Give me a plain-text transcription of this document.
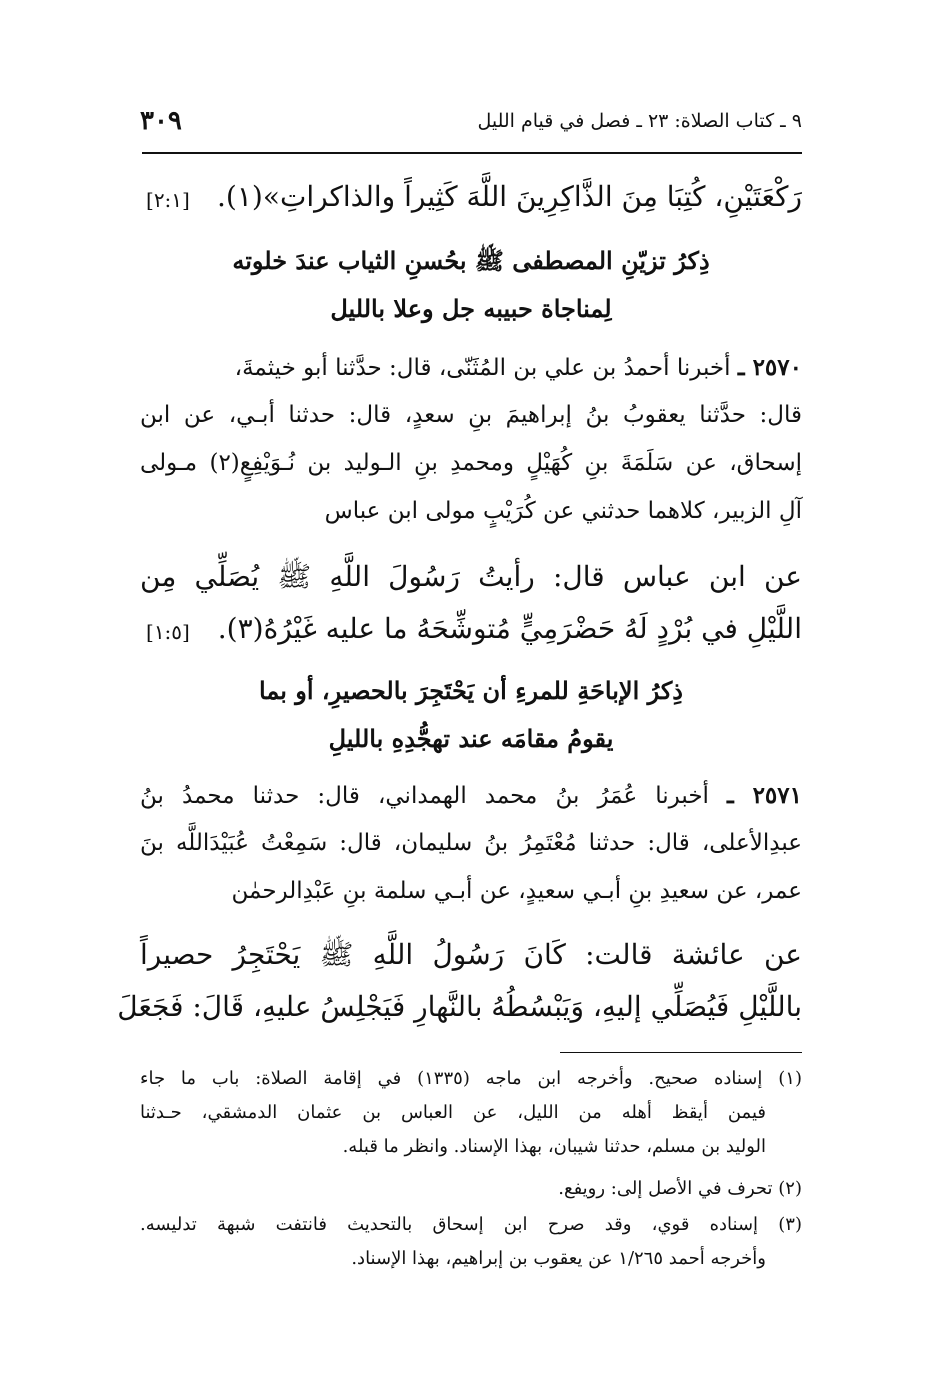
٣٠٩	٩ ـ كتاب الصلاة: ٢٣ ـ فصل في قيام الليل
رَكْعَتَيْنِ، كُتِبَا مِنَ الذَّاكِرِينَ اللَّهَ كَثِيراً والذاكراتِ»(١).
[٢:١]
ذِكرُ تزيّنِ المصطفى ﷺ بحُسنِ الثياب عندَ خلوته
لِمناجاة حبيبه جل وعلا بالليل
٢٥٧٠ ـ أخبرنا أحمدُ بن علي بن المُثَنّى، قال: حدَّثنا أبو خيثمةَ،
قال: حدَّثنا يعقوبُ بنُ إبراهيمَ بنِ سعدٍ، قال: حدثنا أبـي، عن ابن
إسحاق، عن سَلَمَةَ بنِ كُهَيْلٍ ومحمدِ بنِ الـوليد بن نُـوَيْفِعٍ(٢) مـولى
آلِ الزبير، كلاهما حدثني عن كُرَيْبٍ مولى ابن عباس
عن ابن عباس قال: رأيتُ رَسُولَ اللَّهِ ﷺ يُصَلِّي مِن
اللَّيْلِ في بُرْدٍ لَهُ حَضْرَمِيٍّ مُتوشِّحَهُ ما عليه غَيْرُهُ(٣).
[١:٥]
ذِكرُ الإباحَةِ للمرءِ أن يَحْتَجِرَ بالحصيرِ، أو بما
يقومُ مقامَه عند تهجُّدِهِ بالليلِ
٢٥٧١ ـ أخبرنا عُمَرُ بنُ محمد الهمداني، قال: حدثنا محمدُ بنُ
عبدِالأعلى، قال: حدثنا مُعْتَمِرُ بنُ سليمان، قال: سَمِعْتُ عُبَيْدَاللَّه بنَ
عمر، عن سعيدِ بنِ أبـي سعيدٍ، عن أبـي سلمة بنِ عَبْدِالرحمٰن
عن عائشة قالت: كَانَ رَسُولُ اللَّهِ ﷺ يَحْتَجِرُ حصيراً
باللَّيْلِ فَيُصَلِّي إليهِ، وَيَبْسُطُهُ بالنَّهارِ فَيَجْلِسُ عليهِ، قَالَ: فَجَعَلَ
(١) إسناده صحيح. وأخرجه ابن ماجه (١٣٣٥) في إقامة الصلاة: باب ما جاء
فيمن أيقظ أهله من الليل، عن العباس بن عثمان الدمشقي، حـدثنا
الوليد بن مسلم، حدثنا شيبان، بهذا الإسناد. وانظر ما قبله.
(٢) تحرف في الأصل إلى: رويفع.
(٣) إسناده قوي، وقد صرح ابن إسحاق بالتحديث فانتفت شبهة تدليسه.
وأخرجه أحمد ١/٢٦٥ عن يعقوب بن إبراهيم، بهذا الإسناد.
